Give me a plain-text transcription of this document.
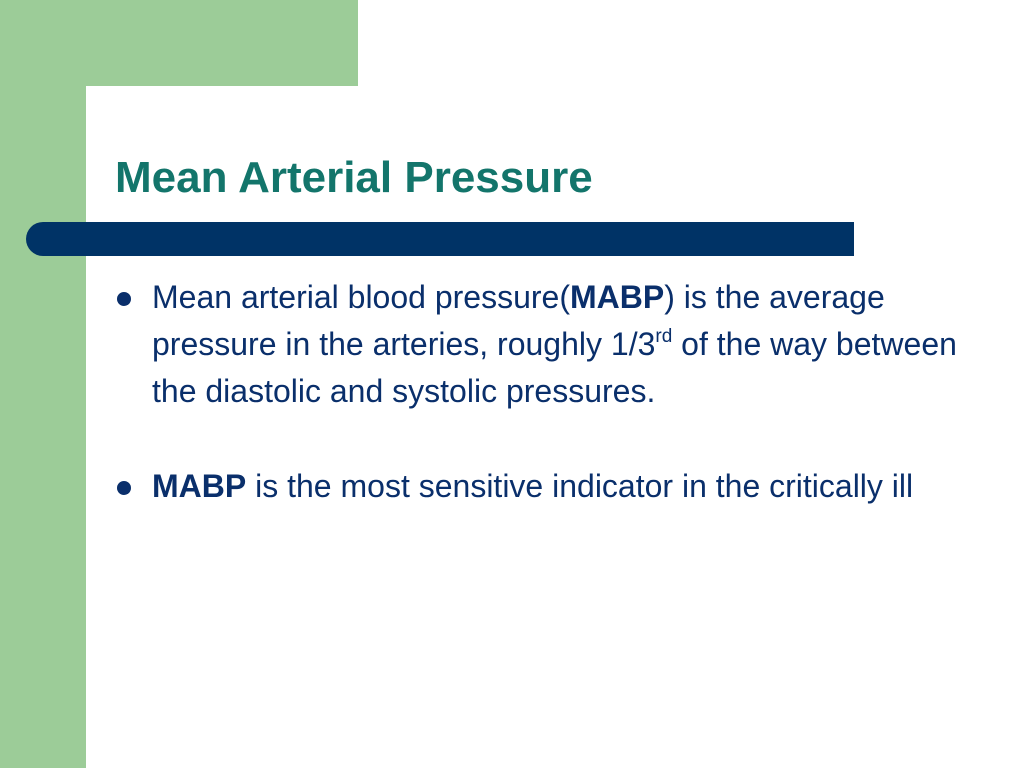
Mean Arterial Pressure
Mean arterial blood pressure(MABP) is the average pressure in the arteries, roughly 1/3rd of the way between the diastolic and systolic pressures.
MABP is the most sensitive indicator in the critically ill
